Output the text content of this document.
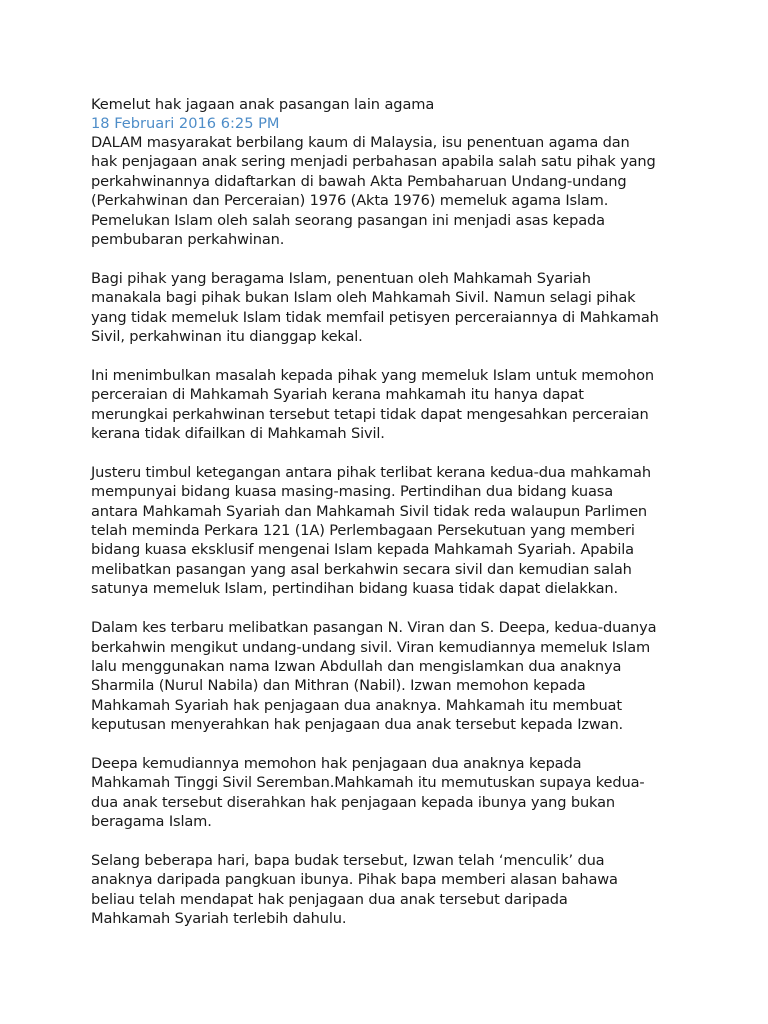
Kemelut hak jagaan anak pasangan lain agama
18 Februari 2016 6:25 PM

DALAM masyarakat berbilang kaum di Malaysia, isu penentuan agama dan
hak penjagaan anak sering menjadi perbahasan apabila salah satu pihak yang
perkahwinannya didaftarkan di bawah Akta Pembaharuan Undang-undang
(Perkahwinan dan Perceraian) 1976 (Akta 1976) memeluk agama Islam.
Pemelukan Islam oleh salah seorang pasangan ini menjadi asas kepada
pembubaran perkahwinan.

Bagi pihak yang beragama Islam, penentuan oleh Mahkamah Syariah
manakala bagi pihak bukan Islam oleh Mahkamah Sivil. Namun selagi pihak
yang tidak memeluk Islam tidak memfail petisyen perceraiannya di Mahkamah
Sivil, perkahwinan itu dianggap kekal.

Ini menimbulkan masalah kepada pihak yang memeluk Islam untuk memohon
perceraian di Mahkamah Syariah kerana mahkamah itu hanya dapat
merungkai perkahwinan tersebut tetapi tidak dapat mengesahkan perceraian
kerana tidak difailkan di Mahkamah Sivil.

Justeru timbul ketegangan antara pihak terlibat kerana kedua-dua mahkamah
mempunyai bidang kuasa masing-masing. Pertindihan dua bidang kuasa
antara Mahkamah Syariah dan Mahkamah Sivil tidak reda walaupun Parlimen
telah meminda Perkara 121 (1A) Perlembagaan Persekutuan yang memberi
bidang kuasa eksklusif mengenai Islam kepada Mahkamah Syariah. Apabila
melibatkan pasangan yang asal berkahwin secara sivil dan kemudian salah
satunya memeluk Islam, pertindihan bidang kuasa tidak dapat dielakkan.

Dalam kes terbaru melibatkan pasangan N. Viran dan S. Deepa, kedua-duanya
berkahwin mengikut undang-undang sivil. Viran kemudiannya memeluk Islam
lalu menggunakan nama Izwan Abdullah dan mengislamkan dua anaknya
Sharmila (Nurul Nabila) dan Mithran (Nabil). Izwan memohon kepada
Mahkamah Syariah hak penjagaan dua anaknya. Mahkamah itu membuat
keputusan menyerahkan hak penjagaan dua anak tersebut kepada Izwan.

Deepa kemudiannya memohon hak penjagaan dua anaknya kepada
Mahkamah Tinggi Sivil Seremban.Mahkamah itu memutuskan supaya kedua-
dua anak tersebut diserahkan hak penjagaan kepada ibunya yang bukan
beragama Islam.

Selang beberapa hari, bapa budak tersebut, Izwan telah ‘menculik’ dua
anaknya daripada pangkuan ibunya. Pihak bapa memberi alasan bahawa
beliau telah mendapat hak penjagaan dua anak tersebut daripada
Mahkamah Syariah terlebih dahulu.
